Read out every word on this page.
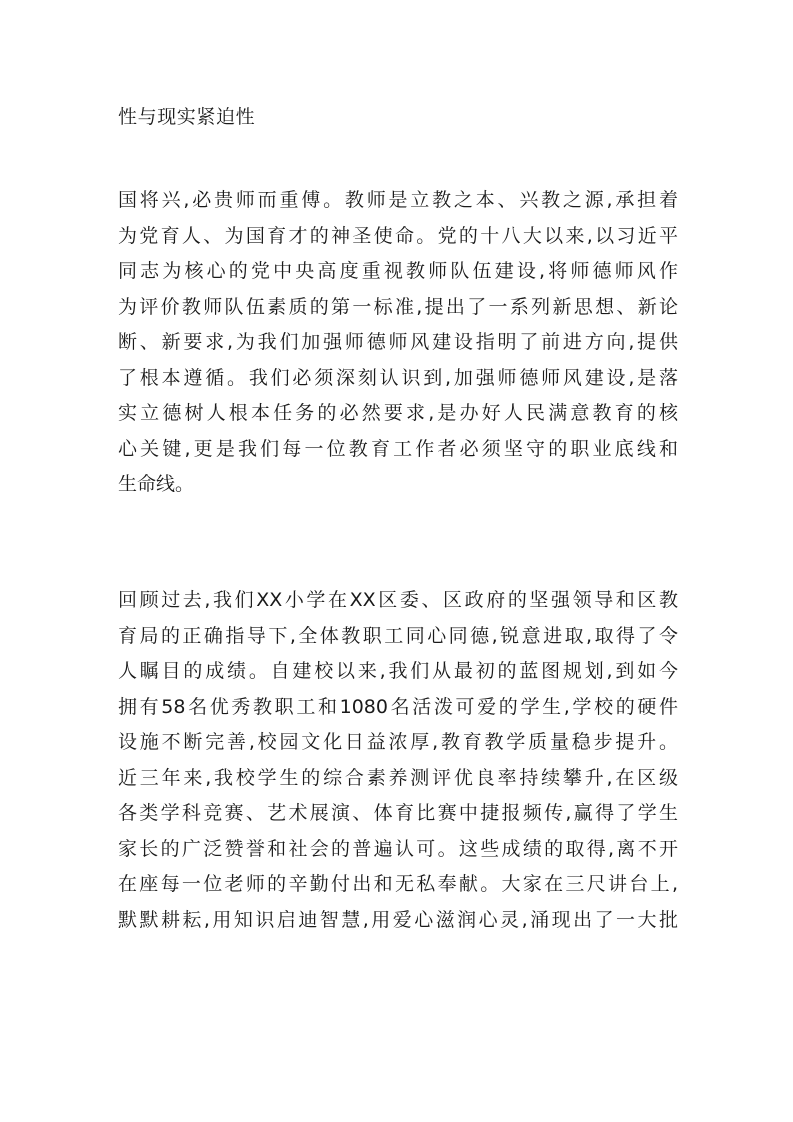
性与现实紧迫性
国将兴,必贵师而重傅。教师是立教之本、兴教之源,承担着
为党育人、为国育才的神圣使命。党的十八大以来,以习近平
同志为核心的党中央高度重视教师队伍建设,将师德师风作
为评价教师队伍素质的第一标准,提出了一系列新思想、新论
断、新要求,为我们加强师德师风建设指明了前进方向,提供
了根本遵循。我们必须深刻认识到,加强师德师风建设,是落
实立德树人根本任务的必然要求,是办好人民满意教育的核
心关键,更是我们每一位教育工作者必须坚守的职业底线和
生命线。
回顾过去,我们XX小学在XX区委、区政府的坚强领导和区教
育局的正确指导下,全体教职工同心同德,锐意进取,取得了令
人瞩目的成绩。自建校以来,我们从最初的蓝图规划,到如今
拥有58名优秀教职工和1080名活泼可爱的学生,学校的硬件
设施不断完善,校园文化日益浓厚,教育教学质量稳步提升。
近三年来,我校学生的综合素养测评优良率持续攀升,在区级
各类学科竞赛、艺术展演、体育比赛中捷报频传,赢得了学生
家长的广泛赞誉和社会的普遍认可。这些成绩的取得,离不开
在座每一位老师的辛勤付出和无私奉献。大家在三尺讲台上,
默默耕耘,用知识启迪智慧,用爱心滋润心灵,涌现出了一大批
